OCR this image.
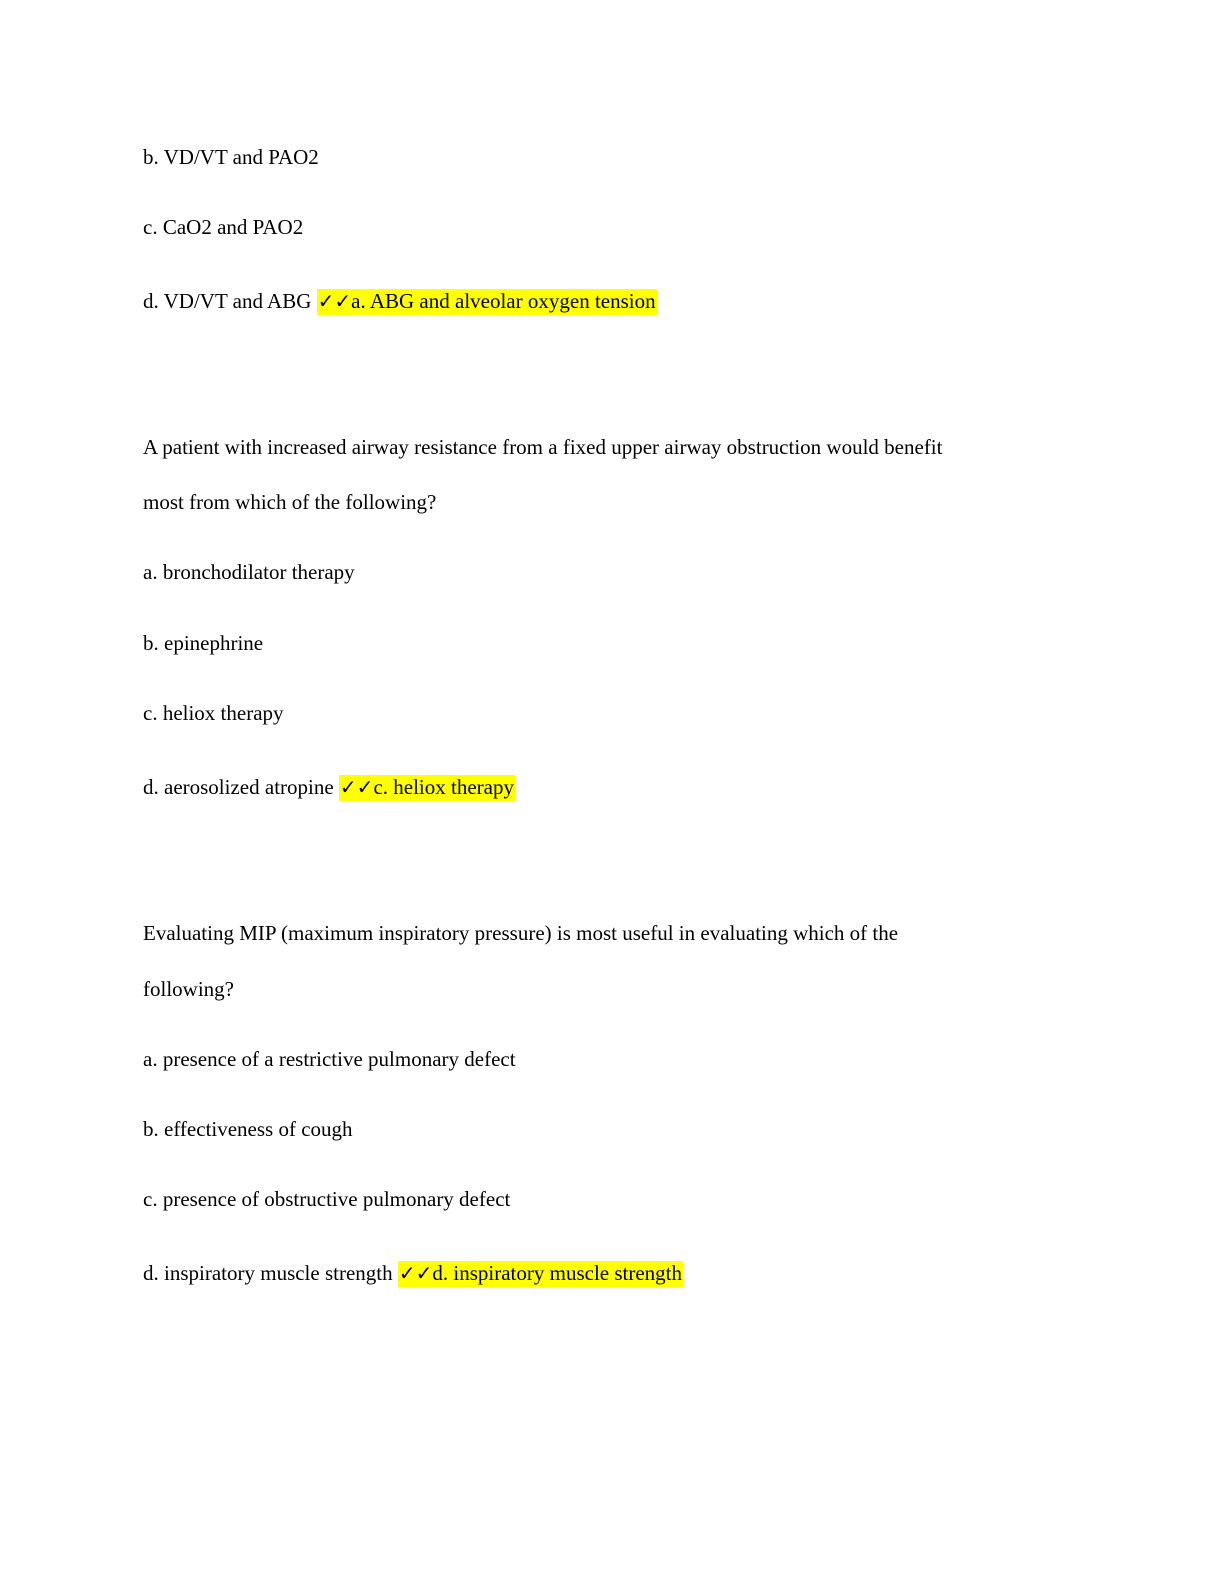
b. VD/VT and PAO2
c. CaO2 and PAO2
d. VD/VT and ABG ✓✓a. ABG and alveolar oxygen tension
A patient with increased airway resistance from a fixed upper airway obstruction would benefit
most from which of the following?
a. bronchodilator therapy
b. epinephrine
c. heliox therapy
d. aerosolized atropine ✓✓c. heliox therapy
Evaluating MIP (maximum inspiratory pressure) is most useful in evaluating which of the
following?
a. presence of a restrictive pulmonary defect
b. effectiveness of cough
c. presence of obstructive pulmonary defect
d. inspiratory muscle strength ✓✓d. inspiratory muscle strength
